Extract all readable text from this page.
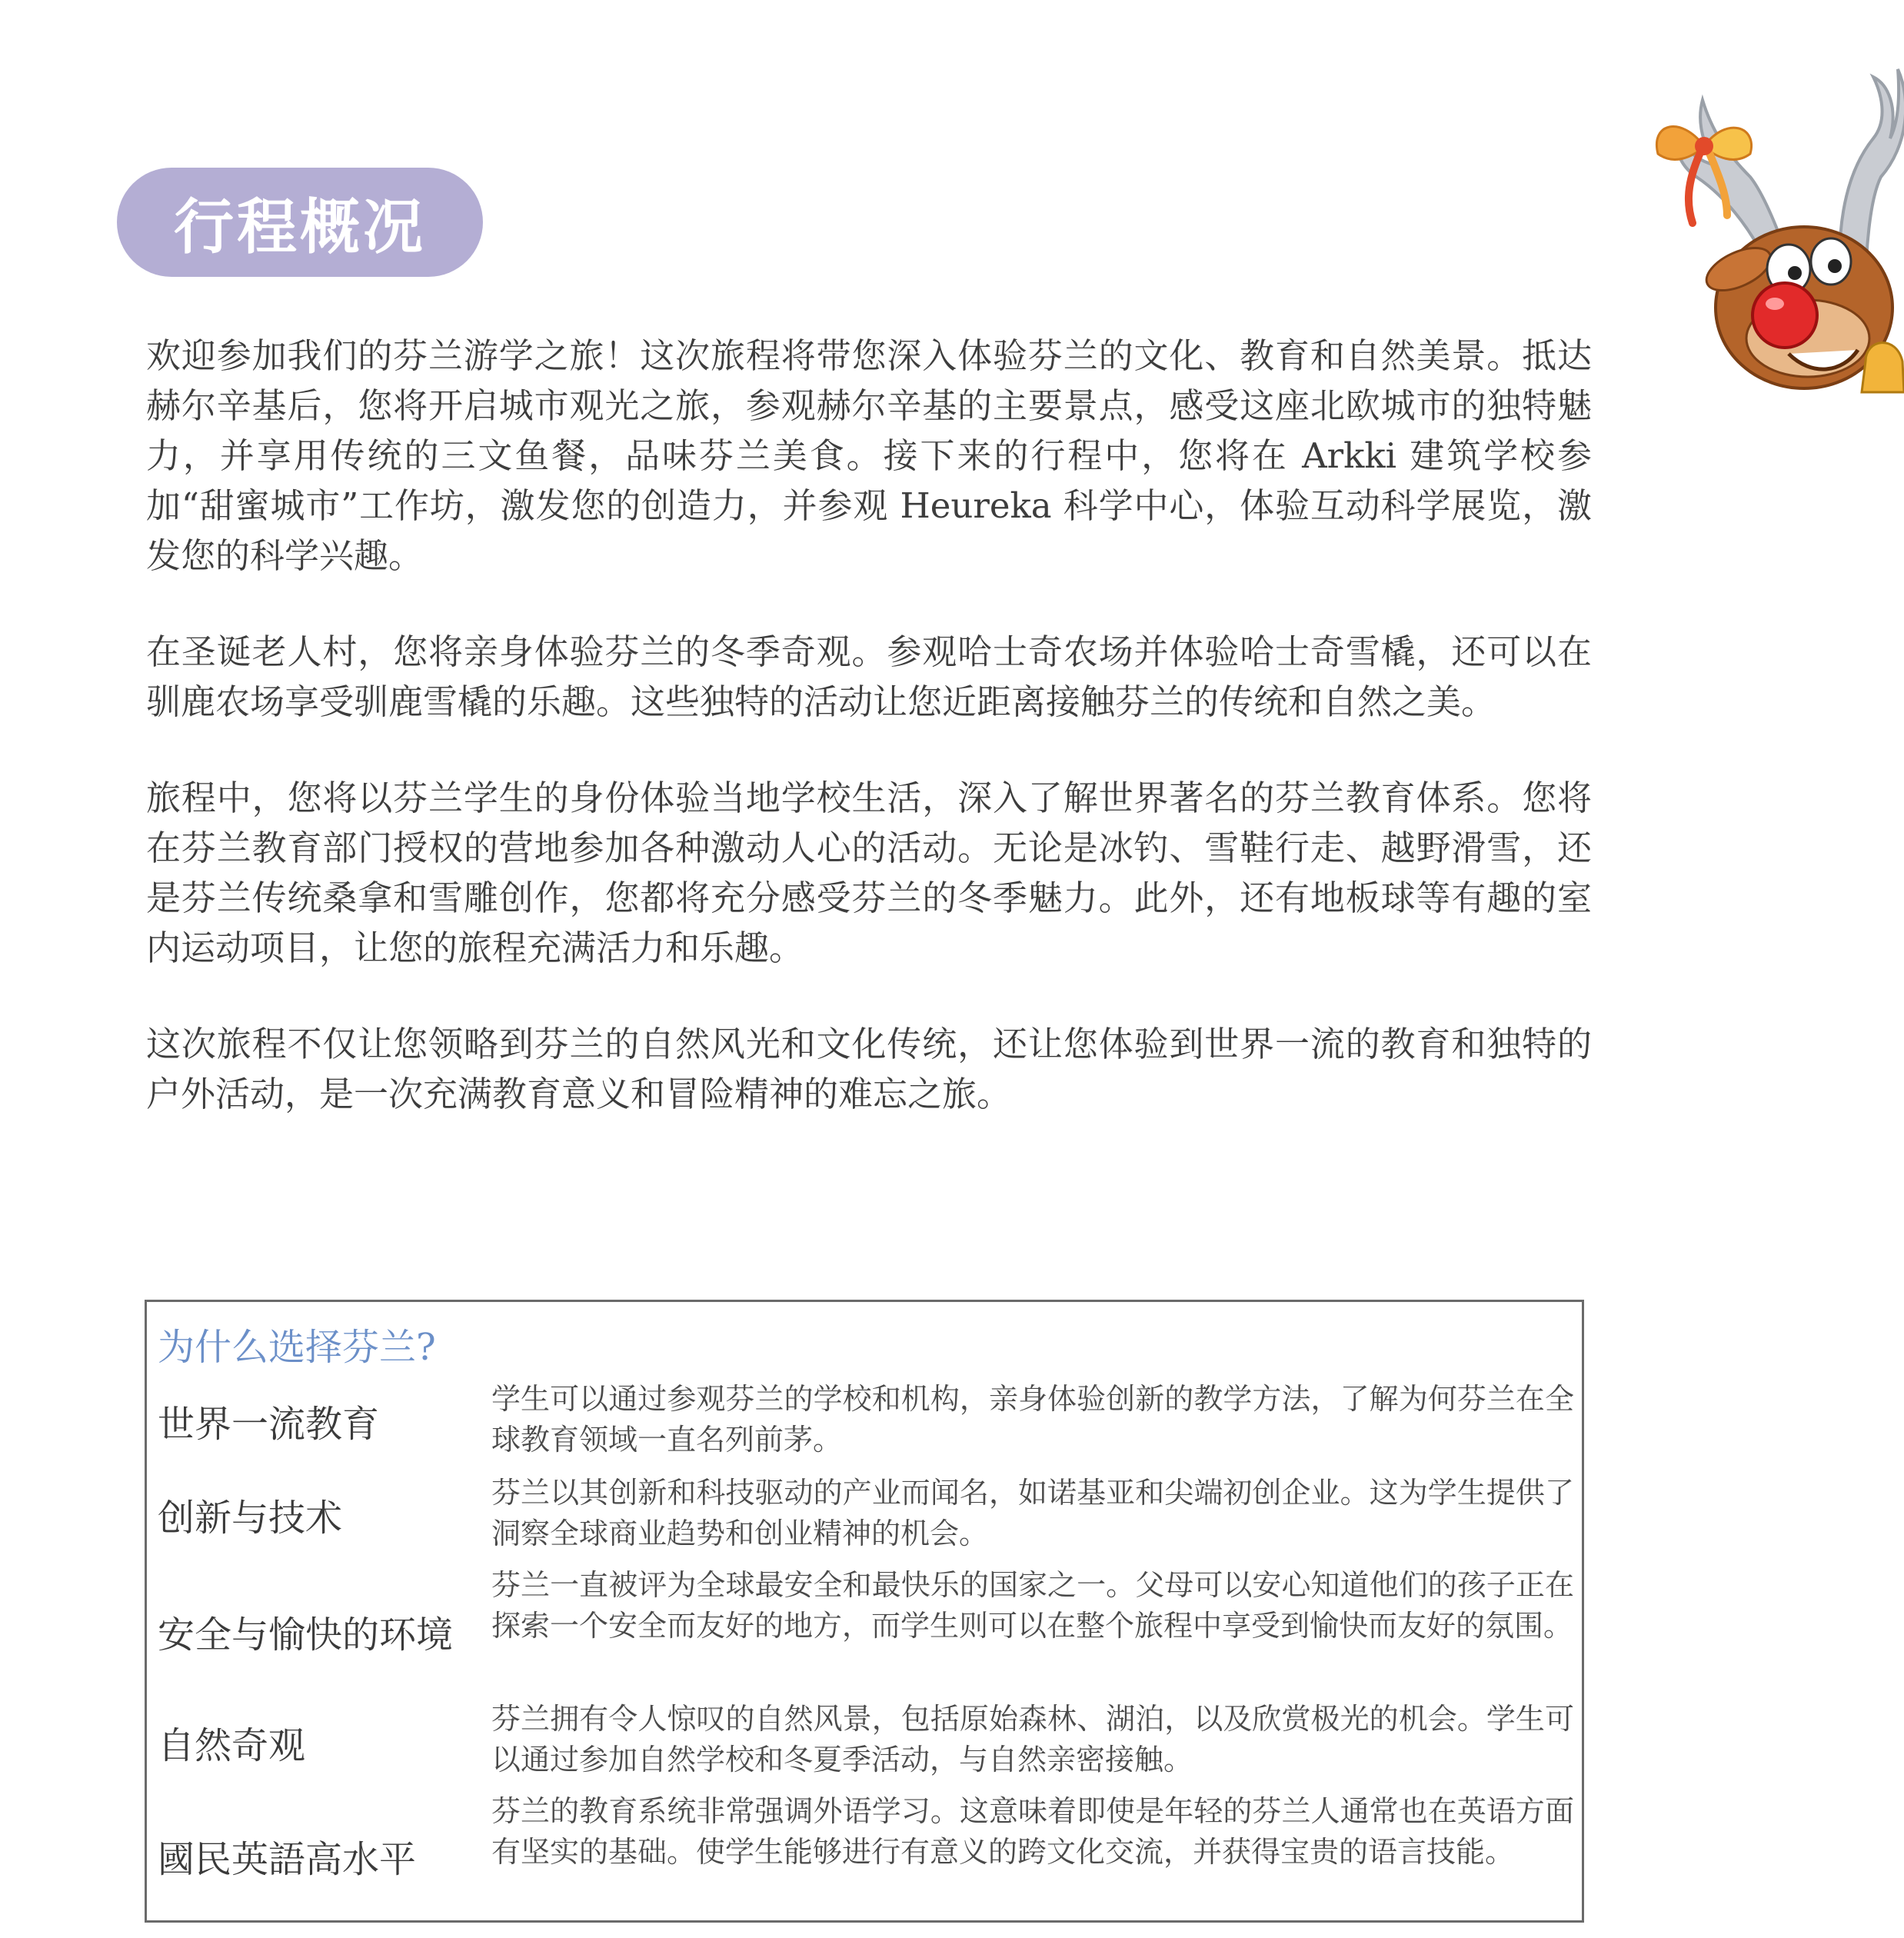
行程概况

欢迎参加我们的芬兰游学之旅！这次旅程将带您深入体验芬兰的文化、教育和自然美景。抵达赫尔辛基后，您将开启城市观光之旅，参观赫尔辛基的主要景点，感受这座北欧城市的独特魅力，并享用传统的三文鱼餐，品味芬兰美食。接下来的行程中，您将在 Arkki 建筑学校参加“甜蜜城市”工作坊，激发您的创造力，并参观 Heureka 科学中心，体验互动科学展览，激发您的科学兴趣。

在圣诞老人村，您将亲身体验芬兰的冬季奇观。参观哈士奇农场并体验哈士奇雪橇，还可以在驯鹿农场享受驯鹿雪橇的乐趣。这些独特的活动让您近距离接触芬兰的传统和自然之美。

旅程中，您将以芬兰学生的身份体验当地学校生活，深入了解世界著名的芬兰教育体系。您将在芬兰教育部门授权的营地参加各种激动人心的活动。无论是冰钓、雪鞋行走、越野滑雪，还是芬兰传统桑拿和雪雕创作，您都将充分感受芬兰的冬季魅力。此外，还有地板球等有趣的室内运动项目，让您的旅程充满活力和乐趣。

这次旅程不仅让您领略到芬兰的自然风光和文化传统，还让您体验到世界一流的教育和独特的户外活动，是一次充满教育意义和冒险精神的难忘之旅。

为什么选择芬兰?
世界一流教育
学生可以通过参观芬兰的学校和机构，亲身体验创新的教学方法，了解为何芬兰在全球教育领域一直名列前茅。
创新与技术
芬兰以其创新和科技驱动的产业而闻名，如诺基亚和尖端初创企业。这为学生提供了洞察全球商业趋势和创业精神的机会。
安全与愉快的环境
芬兰一直被评为全球最安全和最快乐的国家之一。父母可以安心知道他们的孩子正在探索一个安全而友好的地方，而学生则可以在整个旅程中享受到愉快而友好的氛围。
自然奇观
芬兰拥有令人惊叹的自然风景，包括原始森林、湖泊，以及欣赏极光的机会。学生可以通过参加自然学校和冬夏季活动，与自然亲密接触。
國民英語高水平
芬兰的教育系统非常强调外语学习。这意味着即使是年轻的芬兰人通常也在英语方面有坚实的基础。使学生能够进行有意义的跨文化交流，并获得宝贵的语言技能。
